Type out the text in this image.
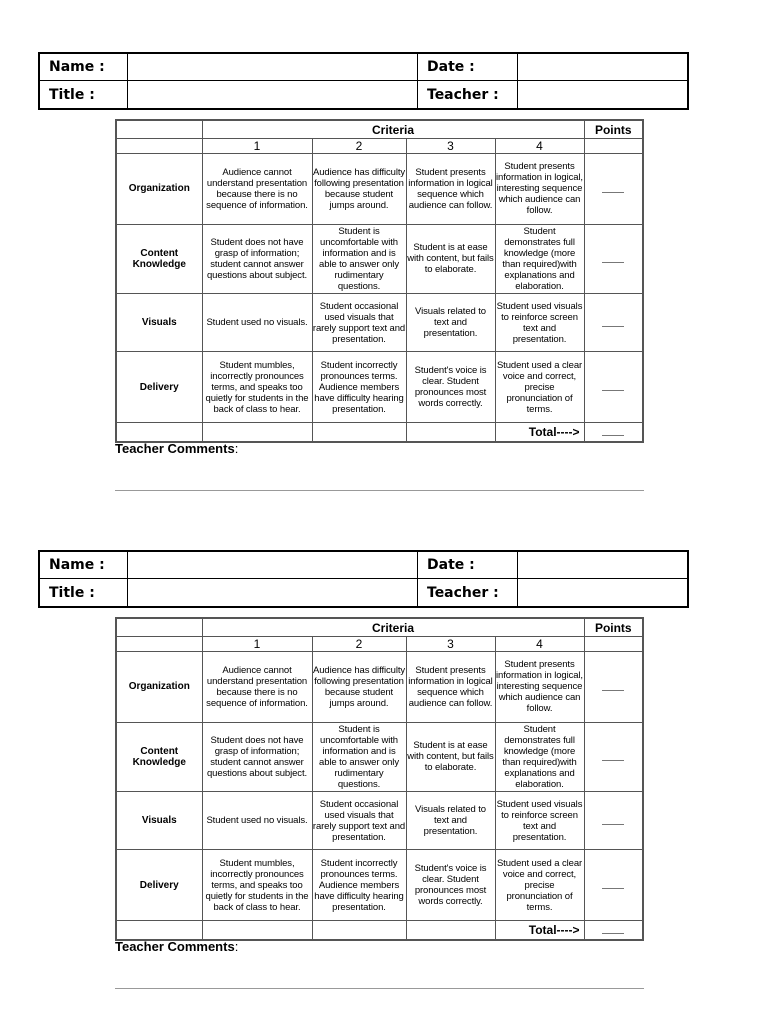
Name :	Date :
Title :	Teacher :
	Criteria				Points
	1	2	3	4	
Organization	Audience cannot understand presentation because there is no sequence of information.	Audience has difficulty following presentation because student jumps around.	Student presents information in logical sequence which audience can follow.	Student presents information in logical, interesting sequence which audience can follow.	
Content Knowledge	Student does not have grasp of information; student cannot answer questions about subject.	Student is uncomfortable with information and is able to answer only rudimentary questions.	Student is at ease with content, but fails to elaborate.	Student demonstrates full knowledge (more than required)with explanations and elaboration.	
Visuals	Student used no visuals.	Student occasional used visuals that rarely support text and presentation.	Visuals related to text and presentation.	Student used visuals to reinforce screen text and presentation.	
Delivery	Student mumbles, incorrectly pronounces terms, and speaks too quietly for students in the back of class to hear.	Student incorrectly pronounces terms. Audience members have difficulty hearing presentation.	Student's voice is clear. Student pronounces most words correctly.	Student used a clear voice and correct, precise pronunciation of terms.	
				Total---->	
Teacher Comments:
Name :	Date :
Title :	Teacher :
	Criteria				Points
	1	2	3	4	
Organization	Audience cannot understand presentation because there is no sequence of information.	Audience has difficulty following presentation because student jumps around.	Student presents information in logical sequence which audience can follow.	Student presents information in logical, interesting sequence which audience can follow.	
Content Knowledge	Student does not have grasp of information; student cannot answer questions about subject.	Student is uncomfortable with information and is able to answer only rudimentary questions.	Student is at ease with content, but fails to elaborate.	Student demonstrates full knowledge (more than required)with explanations and elaboration.	
Visuals	Student used no visuals.	Student occasional used visuals that rarely support text and presentation.	Visuals related to text and presentation.	Student used visuals to reinforce screen text and presentation.	
Delivery	Student mumbles, incorrectly pronounces terms, and speaks too quietly for students in the back of class to hear.	Student incorrectly pronounces terms. Audience members have difficulty hearing presentation.	Student's voice is clear. Student pronounces most words correctly.	Student used a clear voice and correct, precise pronunciation of terms.	
				Total---->	
Teacher Comments:
